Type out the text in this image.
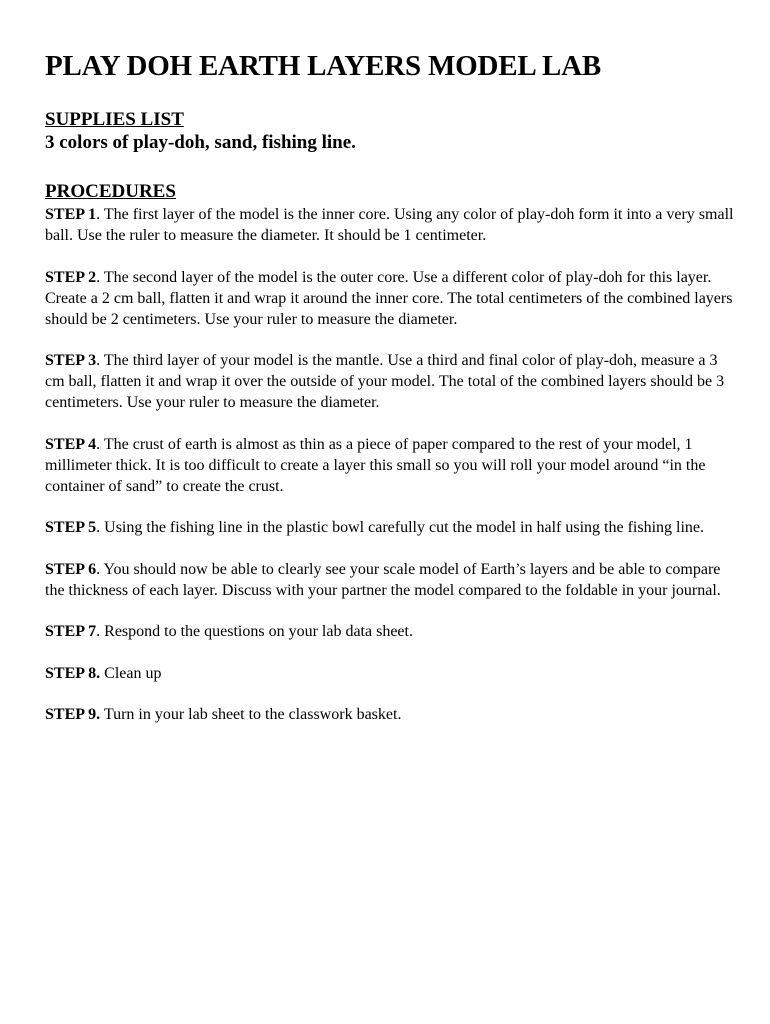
PLAY DOH EARTH LAYERS MODEL LAB
SUPPLIES LIST

3 colors of play-doh, sand, fishing line.

PROCEDURES
STEP 1. The first layer of the model is the inner core. Using any color of play-doh form it into a very small ball. Use the ruler to measure the diameter. It should be 1 centimeter.
STEP 2. The second layer of the model is the outer core. Use a different color of play-doh for this layer. Create a 2 cm ball, flatten it and wrap it around the inner core. The total centimeters of the combined layers should be 2 centimeters. Use your ruler to measure the diameter.
STEP 3. The third layer of your model is the mantle. Use a third and final color of play-doh, measure a 3 cm ball, flatten it and wrap it over the outside of your model. The total of the combined layers should be 3 centimeters. Use your ruler to measure the diameter.
STEP 4. The crust of earth is almost as thin as a piece of paper compared to the rest of your model, 1 millimeter thick. It is too difficult to create a layer this small so you will roll your model around “in the container of sand” to create the crust.
STEP 5. Using the fishing line in the plastic bowl carefully cut the model in half using the fishing line.
STEP 6. You should now be able to clearly see your scale model of Earth’s layers and be able to compare the thickness of each layer. Discuss with your partner the model compared to the foldable in your journal.
STEP 7. Respond to the questions on your lab data sheet.
STEP 8. Clean up
STEP 9. Turn in your lab sheet to the classwork basket.
